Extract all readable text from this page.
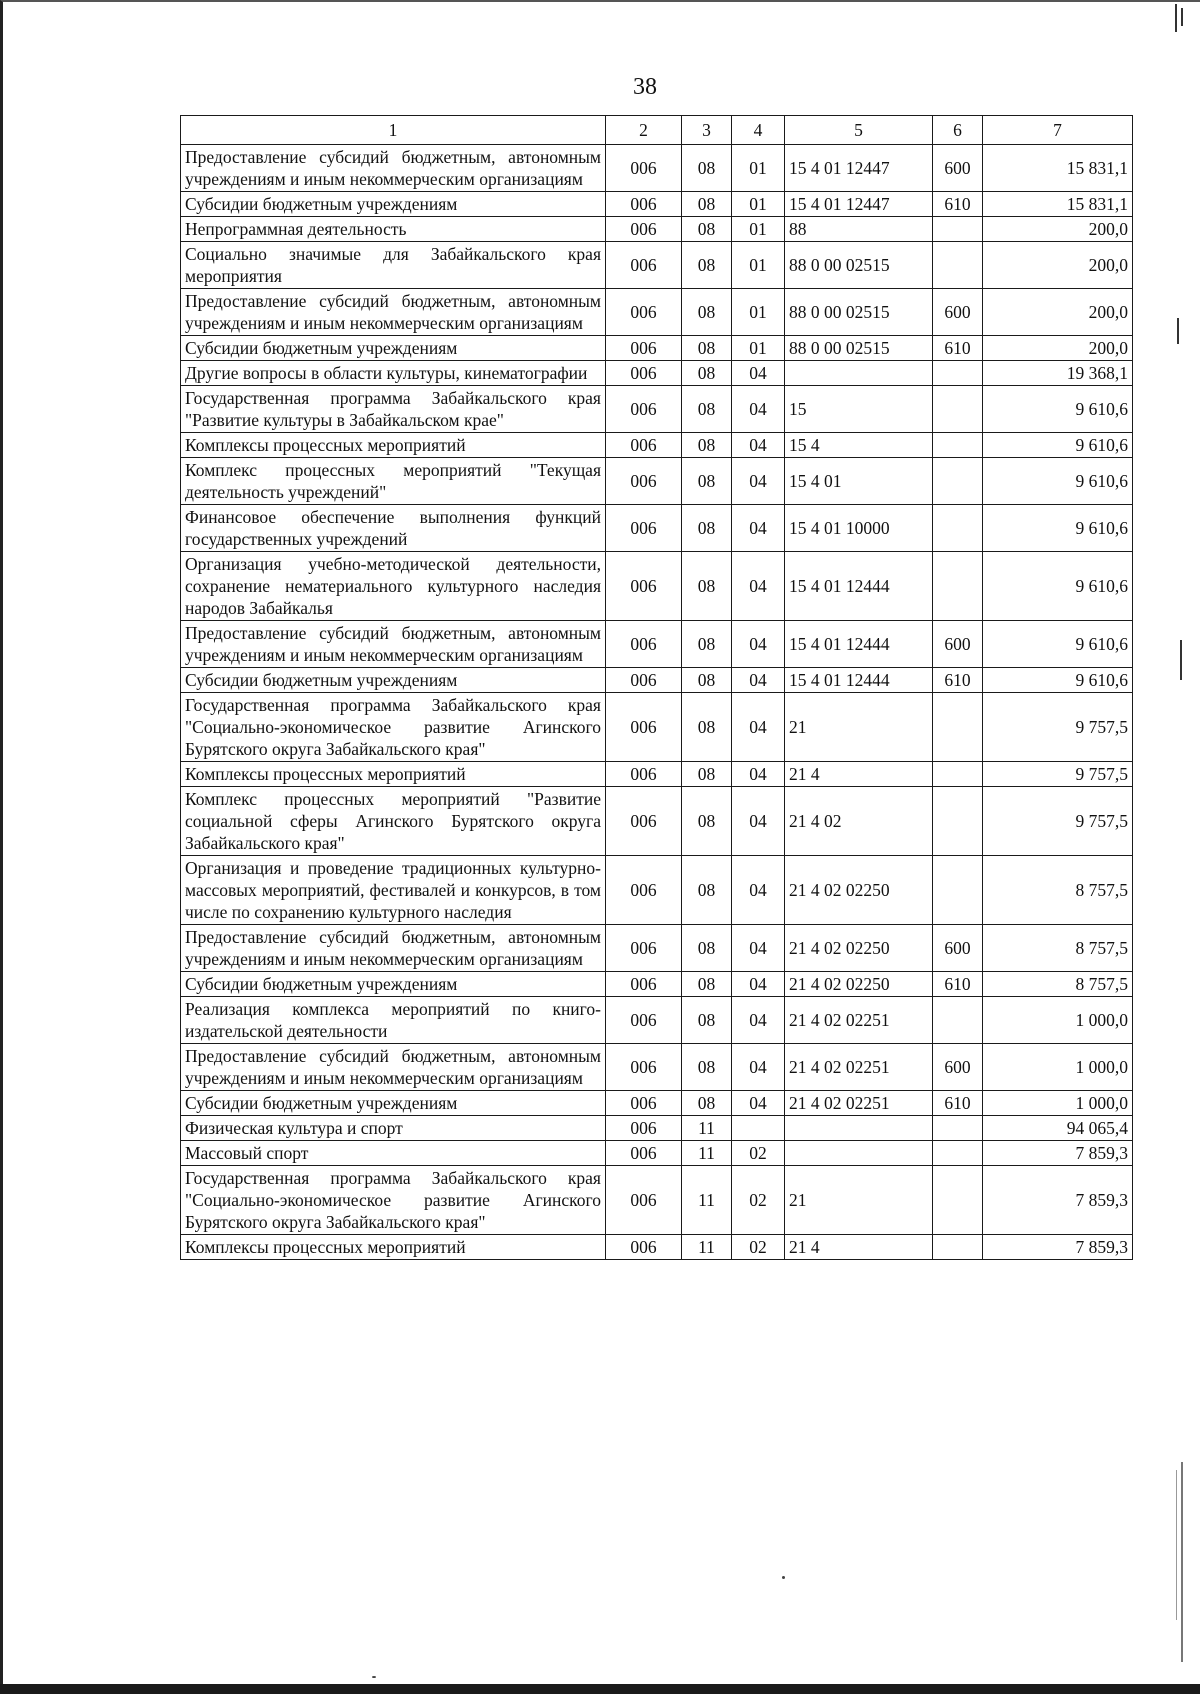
38
1	2	3	4	5	6	7
Предоставление субсидий бюджетным, автономным учреждениям и иным некоммерческим организациям	006	08	01	15 4 01 12447	600	15 831,1
Субсидии бюджетным учреждениям	006	08	01	15 4 01 12447	610	15 831,1
Непрограммная деятельность	006	08	01	88		200,0
Социально значимые для Забайкальского края мероприятия	006	08	01	88 0 00 02515		200,0
Предоставление субсидий бюджетным, автономным учреждениям и иным некоммерческим организациям	006	08	01	88 0 00 02515	600	200,0
Субсидии бюджетным учреждениям	006	08	01	88 0 00 02515	610	200,0
Другие вопросы в области культуры, кинематографии	006	08	04			19 368,1
Государственная программа Забайкальского края "Развитие культуры в Забайкальском крае"	006	08	04	15		9 610,6
Комплексы процессных мероприятий	006	08	04	15 4		9 610,6
Комплекс процессных мероприятий "Текущая деятельность учреждений"	006	08	04	15 4 01		9 610,6
Финансовое обеспечение выполнения функций государственных учреждений	006	08	04	15 4 01 10000		9 610,6
Организация учебно-методической деятельности, сохранение нематериального культурного наследия народов Забайкалья	006	08	04	15 4 01 12444		9 610,6
Предоставление субсидий бюджетным, автономным учреждениям и иным некоммерческим организациям	006	08	04	15 4 01 12444	600	9 610,6
Субсидии бюджетным учреждениям	006	08	04	15 4 01 12444	610	9 610,6
Государственная программа Забайкальского края "Социально-экономическое развитие Агинского Бурятского округа Забайкальского края"	006	08	04	21		9 757,5
Комплексы процессных мероприятий	006	08	04	21 4		9 757,5
Комплекс процессных мероприятий "Развитие социальной сферы Агинского Бурятского округа Забайкальского края"	006	08	04	21 4 02		9 757,5
Организация и проведение традиционных культурно-массовых мероприятий, фестивалей и конкурсов, в том числе по сохранению культурного наследия	006	08	04	21 4 02 02250		8 757,5
Предоставление субсидий бюджетным, автономным учреждениям и иным некоммерческим организациям	006	08	04	21 4 02 02250	600	8 757,5
Субсидии бюджетным учреждениям	006	08	04	21 4 02 02250	610	8 757,5
Реализация комплекса мероприятий по книгоиздательской деятельности	006	08	04	21 4 02 02251		1 000,0
Предоставление субсидий бюджетным, автономным учреждениям и иным некоммерческим организациям	006	08	04	21 4 02 02251	600	1 000,0
Субсидии бюджетным учреждениям	006	08	04	21 4 02 02251	610	1 000,0
Физическая культура и спорт	006	11				94 065,4
Массовый спорт	006	11	02			7 859,3
Государственная программа Забайкальского края "Социально-экономическое развитие Агинского Бурятского округа Забайкальского края"	006	11	02	21		7 859,3
Комплексы процессных мероприятий	006	11	02	21 4		7 859,3
